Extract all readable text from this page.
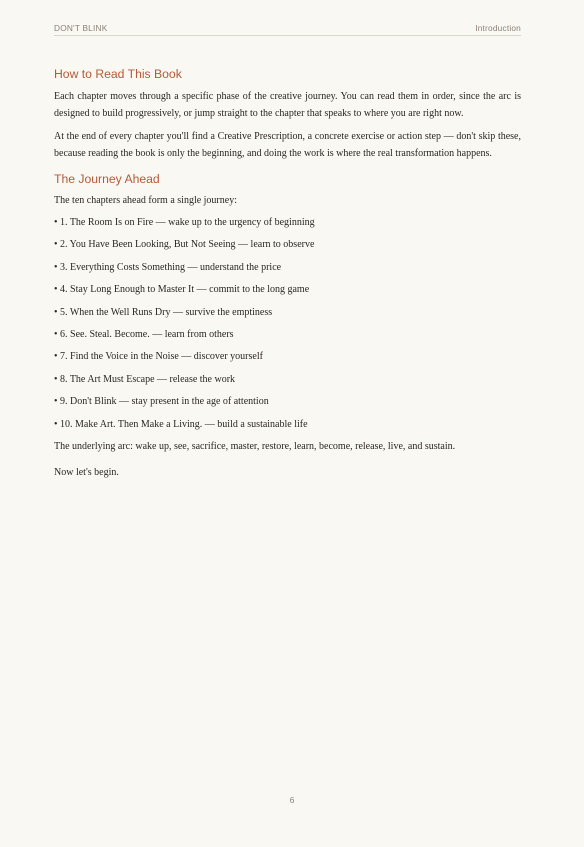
DON'T BLINK	Introduction
How to Read This Book

Each chapter moves through a specific phase of the creative journey. You can read them in order, since the arc is designed to build progressively, or jump straight to the chapter that speaks to where you are right now.

At the end of every chapter you'll find a Creative Prescription, a concrete exercise or action step — don't skip these, because reading the book is only the beginning, and doing the work is where the real transformation happens.

The Journey Ahead

The ten chapters ahead form a single journey:

• 1. The Room Is on Fire — wake up to the urgency of beginning

• 2. You Have Been Looking, But Not Seeing — learn to observe

• 3. Everything Costs Something — understand the price

• 4. Stay Long Enough to Master It — commit to the long game

• 5. When the Well Runs Dry — survive the emptiness

• 6. See. Steal. Become. — learn from others

• 7. Find the Voice in the Noise — discover yourself

• 8. The Art Must Escape — release the work

• 9. Don't Blink — stay present in the age of attention

• 10. Make Art. Then Make a Living. — build a sustainable life

The underlying arc: wake up, see, sacrifice, master, restore, learn, become, release, live, and sustain.

Now let's begin.

6
